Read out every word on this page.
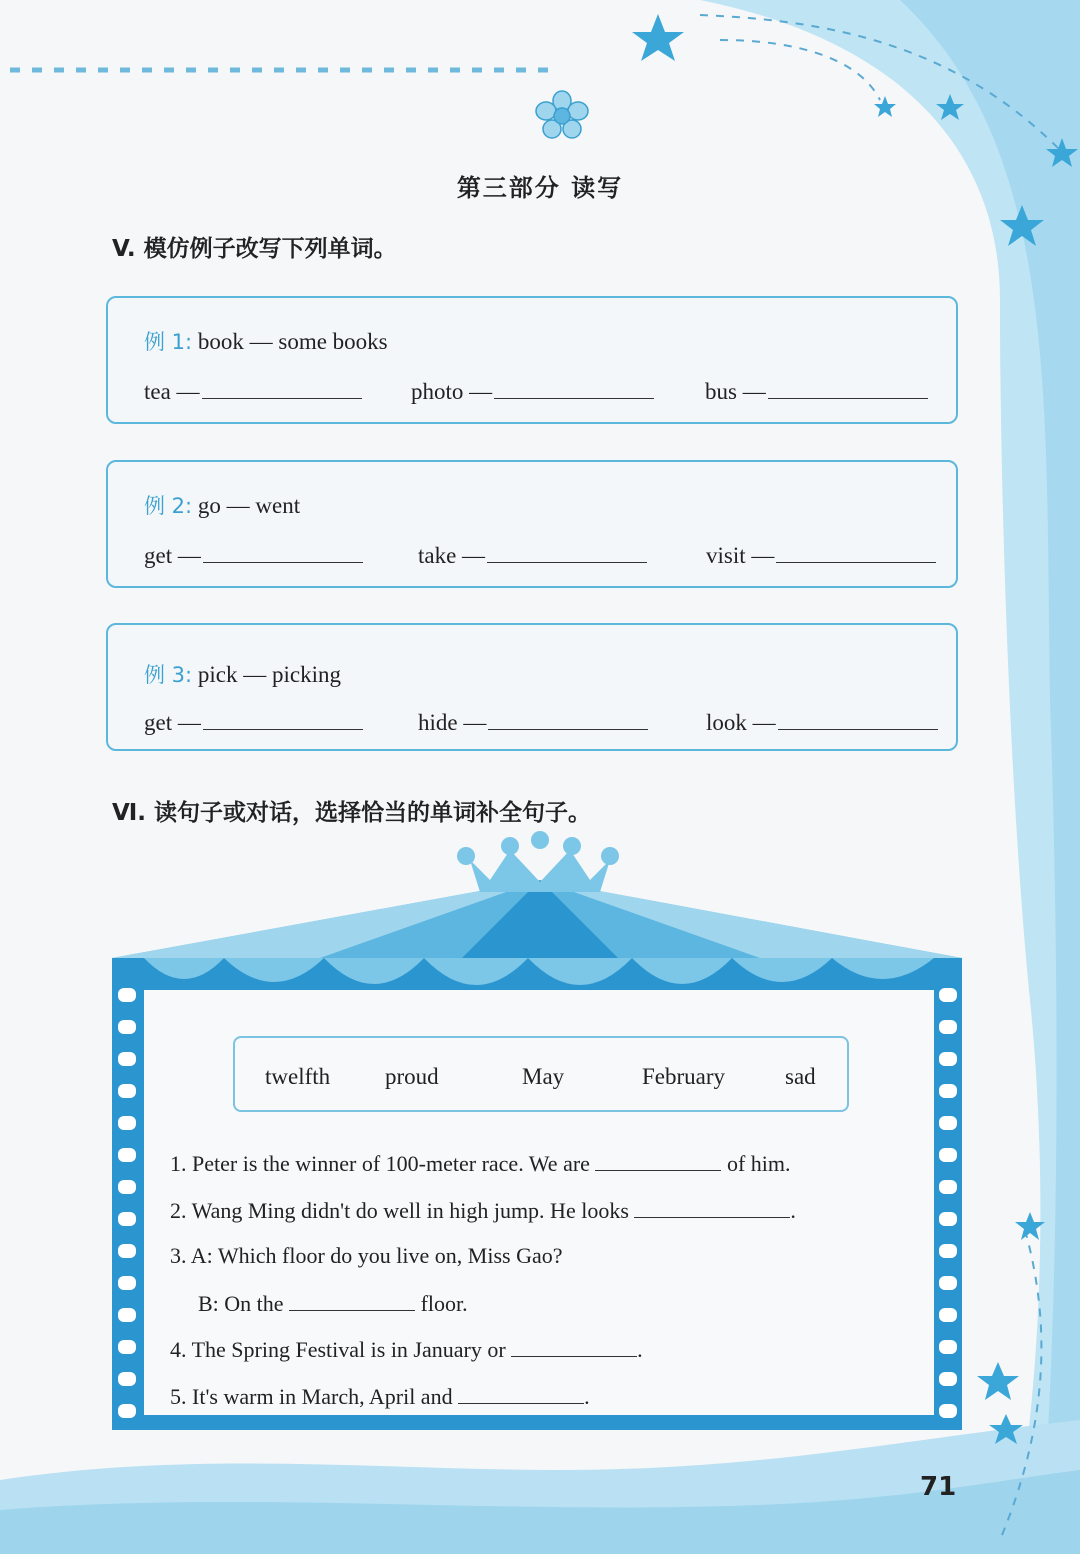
第三部分 读写
V. 模仿例子改写下列单词。
例 1: book — some books
tea —	photo —	bus —
例 2: go — went
get —	take —	visit —
例 3: pick — picking
get —	hide —	look —
Ⅵ. 读句子或对话，选择恰当的单词补全句子。
twelfth proud	May	February	sad
1. Peter is the winner of 100-meter race. We are	of him.
2. Wang Ming didn't do well in high jump. He looks	.
3. A: Which floor do you live on, Miss Gao?
B: On the	floor.
4. The Spring Festival is in January or	.
5. It's warm in March, April and	.
71
